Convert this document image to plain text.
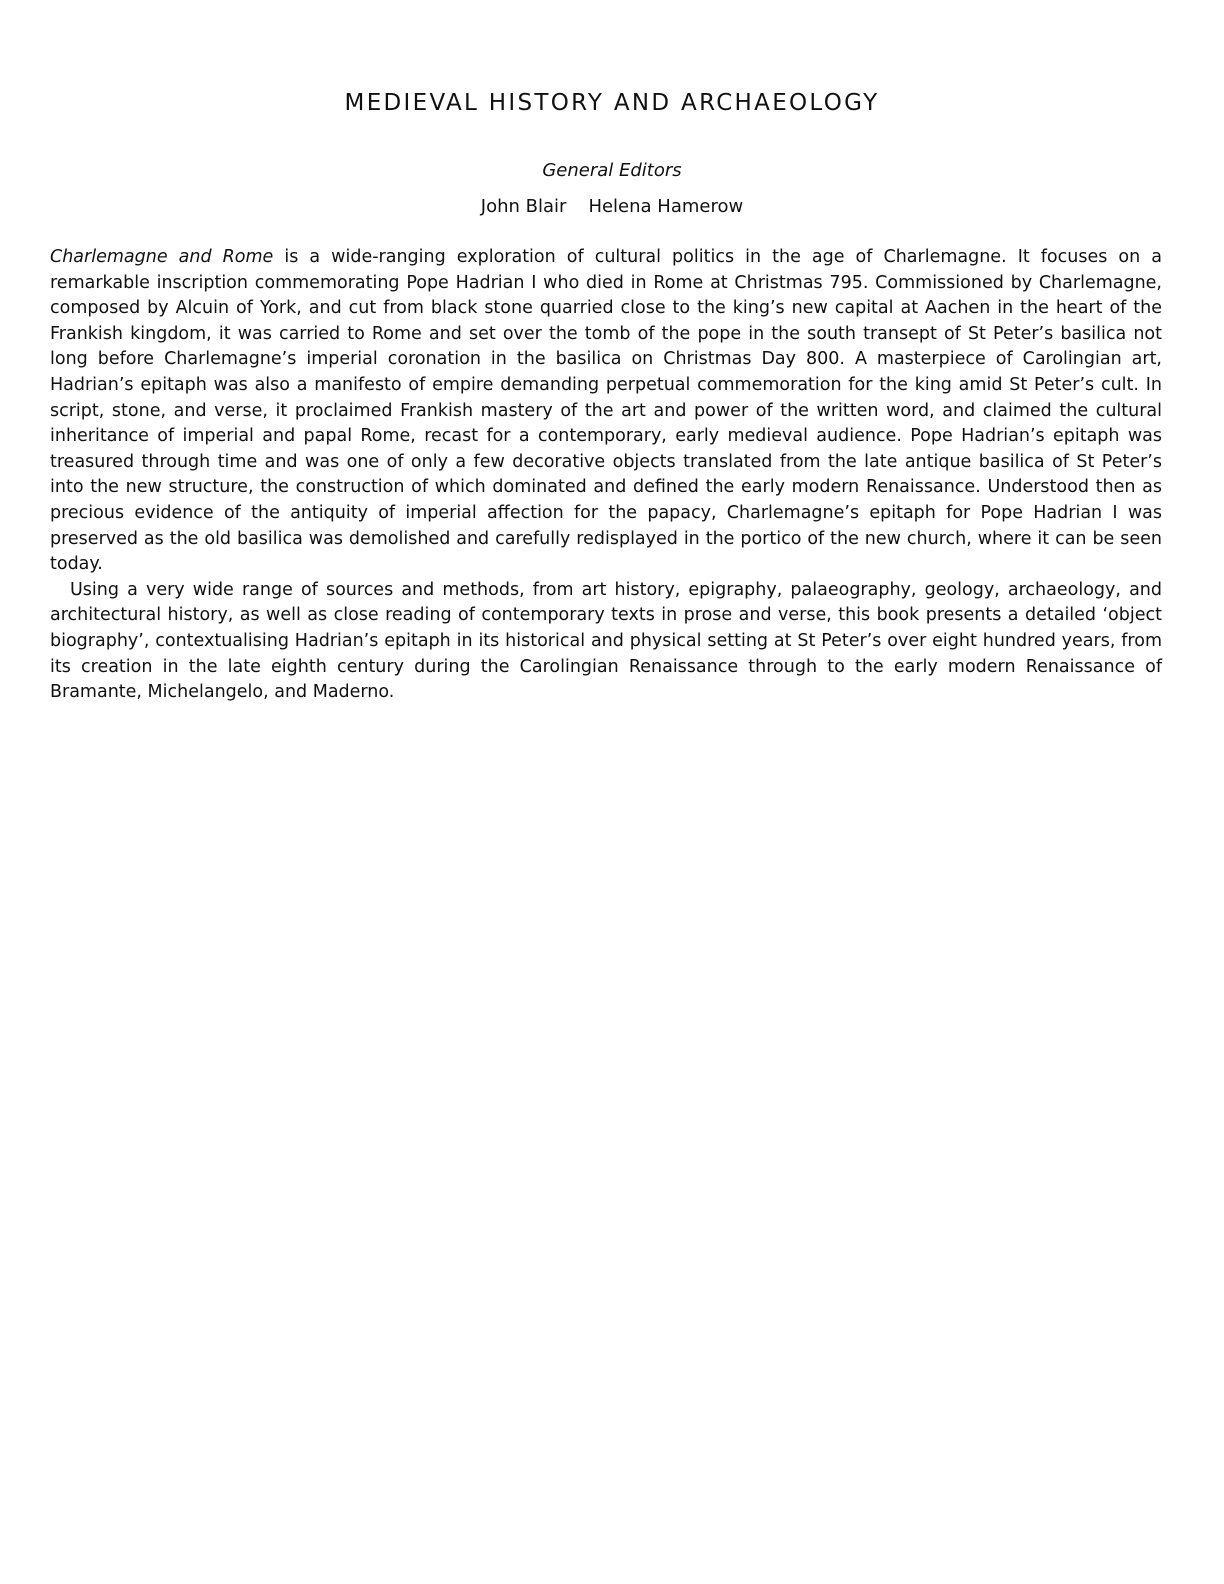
MEDIEVAL HISTORY AND ARCHAEOLOGY
General Editors
John Blair Helena Hamerow

Charlemagne and Rome is a wide-ranging exploration of cultural politics in the age of Charlemagne. It focuses on a remarkable inscription commemorating Pope Hadrian I who died in Rome at Christmas 795. Commissioned by Charlemagne, composed by Alcuin of York, and cut from black stone quarried close to the king’s new capital at Aachen in the heart of the Frankish kingdom, it was carried to Rome and set over the tomb of the pope in the south transept of St Peter’s basilica not long before Charlemagne’s imperial coronation in the basilica on Christmas Day 800. A masterpiece of Carolingian art, Hadrian’s epitaph was also a manifesto of empire demanding perpetual commemoration for the king amid St Peter’s cult. In script, stone, and verse, it proclaimed Frankish mastery of the art and power of the written word, and claimed the cultural inheritance of imperial and papal Rome, recast for a contemporary, early medieval audience. Pope Hadrian’s epitaph was treasured through time and was one of only a few decorative objects translated from the late antique basilica of St Peter’s into the new structure, the construction of which dominated and defined the early modern Renaissance. Understood then as precious evidence of the antiquity of imperial affection for the papacy, Charlemagne’s epitaph for Pope Hadrian I was preserved as the old basilica was demolished and carefully redisplayed in the portico of the new church, where it can be seen today.

Using a very wide range of sources and methods, from art history, epigraphy, palaeography, geology, archaeology, and architectural history, as well as close reading of contemporary texts in prose and verse, this book presents a detailed ‘object biography’, contextualising Hadrian’s epitaph in its historical and physical setting at St Peter’s over eight hundred years, from its creation in the late eighth century during the Carolingian Renaissance through to the early modern Renaissance of Bramante, Michelangelo, and Maderno.
